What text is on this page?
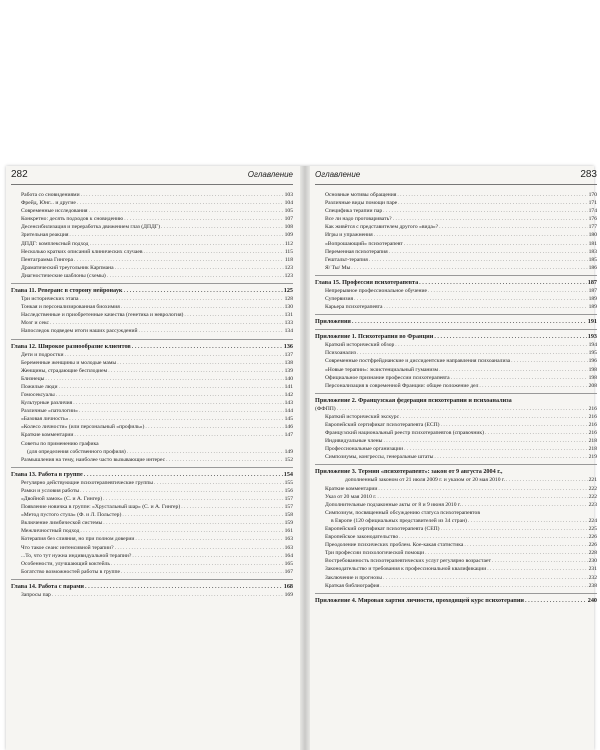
282	Оглавление
Работа со сновидениями . . .	103
Фрейд, Юнг... и другие . . .	104
Современные исследования . . .	105
Конкретно: десять подходов к сновидению . . .	107
Десенсибилизация и переработка движением глаз (ДПДГ) . . .	108
Зрительная реакция . . .	109
ДПДГ: комплексный подход . . .	112
Несколько кратких описаний клинических случаев . . .	115
Пентаграмма Гингера . . .	118
Драматический треугольник Карпмана . . .	123
Диагностические шаблоны (схемы) . . .	123
Глава 11. Реверанс в сторону нейронаук . . .	125
Три исторических этапа . . .	128
Тонкая и персонализированная биохимия . . .	130
Наследственные и приобретенные качества (генетика и неврология) . . .	131
Мозг и секс . . .	133
Напоследок подведем итоги наших рассуждений . . .	134
Глава 12. Широкое разнообразие клиентов . . .	136
Дети и подростки . . .	137
Беременные женщины и молодые мамы . . .	138
Женщины, страдающие бесплодием . . .	139
Близнецы . . .	140
Пожилые люди . . .	141
Гомосексуалы . . .	142
Культурные различия . . .	143
Различные «патологии» . . .	144
«Базовая личность» . . .	145
«Колесо личности» (или персональный «профиль») . . .	146
Краткие комментарии . . .	147
Советы по применению графика
(для определения собственного профиля) . . .	149
Размышления на тему, наиболее часто вызывающие интерес . . .	152
Глава 13. Работа в группе . . .	154
Регулярно действующие психотерапевтические группы . . .	155
Рамки и условия работы . . .	156
«Двойной замок» (С. и А. Гингер) . . .	157
Появление новичка в группе: «Хрустальный шар» (С. и А. Гингер) . . .	157
«Метод пустого стула» (Ф. и Л. Польстер) . . .	158
Включение лимбической системы . . .	159
Межличностный подход . . .	161
Котерапия без слияния, но при полном доверии . . .	163
Что такое сеанс интенсивной терапии? . . .	163
...То, что тут нужна индивидуальной терапии? . . .	164
Особенности, улучшающий коктейль . . .	165
Богатство возможностей работы в группе . . .	167
Глава 14. Работа с парами . . .	168
Запросы пар . . .	169
Оглавление	283
Основные мотивы обращения . . .	170
Различные виды помощи паре . . .	171
Специфика терапии пар . . .	174
Все ли надо проговаривать? . . .	176
Как живётся с представителем другого «вида»? . . .	177
Игры и упражнения . . .	180
«Вопрошающий» психотерапевт . . .	181
Переменная психотерапия . . .	183
Гештальт-терапия . . .	185
Я/ Ты/ Мы . . .	186
Глава 15. Профессия психотерапевта . . .	187
Непрерывное профессиональное обучение . . .	187
Супервизия . . .	189
Карьера психотерапевта . . .	189
Приложения . . .	191
Приложение 1. Психотерапия во Франции . . .	193
Краткий исторический обзор . . .	194
Психоанализ . . .	195
Современные постфрейдианские и диссидентские направления психоанализа . . .	196
«Новые терапии»: экзистенциальный гуманизм . . .	198
Официальное признание профессии психотерапевта . . .	198
Персонализация в современной Франции: общее положение дел . . .	208
Приложение 2. Французская федерация психотерапии и психоанализа
(ФФПП) . . .	216
Краткий исторический экскурс . . .	216
Европейский сертификат психотерапевта (ЕСП) . . .	216
Французский национальный реестр психотерапевтов (справочник) . . .	216
Индивидуальные члены . . .	218
Профессиональные организации . . .	218
Симпозиумы, конгрессы, генеральные штаты . . .	219
Приложение 3. Термин «психотерапевт»: закон от 9 августа 2004 г.,
дополненный законом от 21 июля 2009 г. и указом от 20 мая 2010 г. . . .	221
Краткие комментарии . . .	222
Указ от 20 мая 2010 г. . . .	222
Дополнительные подзаконные акты от 8 и 9 июня 2010 г. . . .	223
Симпозиум, посвященный обсуждению статуса психотерапевтов
в Европе (120 официальных представителей из 34 стран) . . .	224
Европейский сертификат психотерапевта (СЕП) . . .	225
Европейское законодательство . . .	226
Преодоление психических проблем. Кое-какая статистика . . .	226
Три профессии психологической помощи . . .	228
Востребованность психотерапевтических услуг регулярно возрастает . . .	230
Законодательство и требования к профессиональной квалификации . . .	231
Заключение и прогнозы . . .	232
Краткая библиография . . .	238
Приложение 4. Мировая хартия личности, проходящей курс психотерапии . . .	240
